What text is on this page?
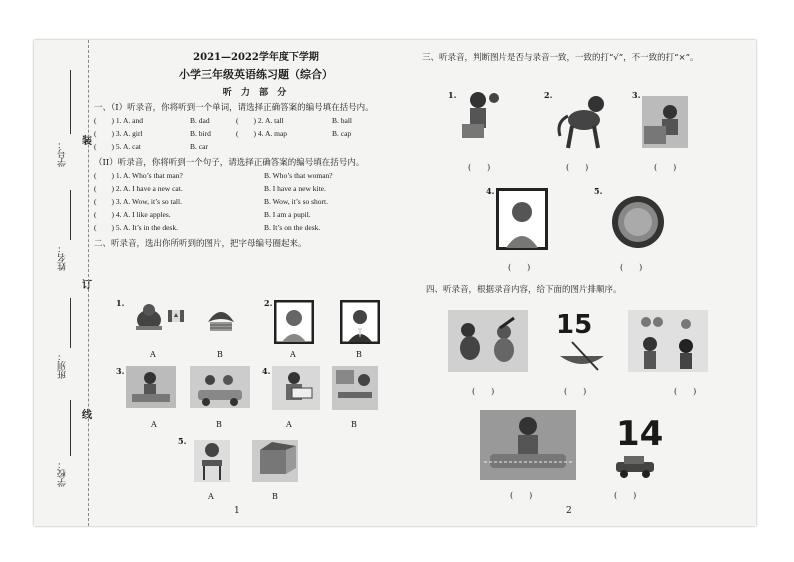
学号：
姓名：
班别：
学校：
装
订
线
2021—2022学年度下学期
小学三年级英语练习题（综合）
听 力 部 分
一、（I）听录音，你将听到一个单词，请选择正确答案的编号填在括号内。
(　　) 1. A. and	B. dad	(　　) 2. A. tall	B. ball
(　　) 3. A. girl	B. bird	(　　) 4. A. map	B. cap
(　　) 5. A. cat	B. car
（II）听录音，你将听到一个句子，请选择正确答案的编号填在括号内。
(　　) 1. A. Who’s that man?	B. Who’s that woman?
(　　) 2. A. I have a new cat.	B. I have a new kite.
(　　) 3. A. Wow, it’s so tall.	B. Wow, it’s so short.
(　　) 4. A. I like apples.	B. I am a pupil.
(　　) 5. A. It’s in the desk.	B. It’s on the desk.
二、听录音，选出你所听到的图片，把字母编号圈起来。
1.
A	B
2.
A	B
3.
A	B
4.
A	B
5.
A	B
1
三、听录音，判断图片是否与录音一致，一致的打“√”，不一致的打“×”。
1.
(　　)
2.
(　　)
3.
(　　)
4.
(　　)
5.
(　　)
四、听录音，根据录音内容，给下面的图片排顺序。
(　　)
15
(　　)	(　　)
(　　)
14
(　　)
2
